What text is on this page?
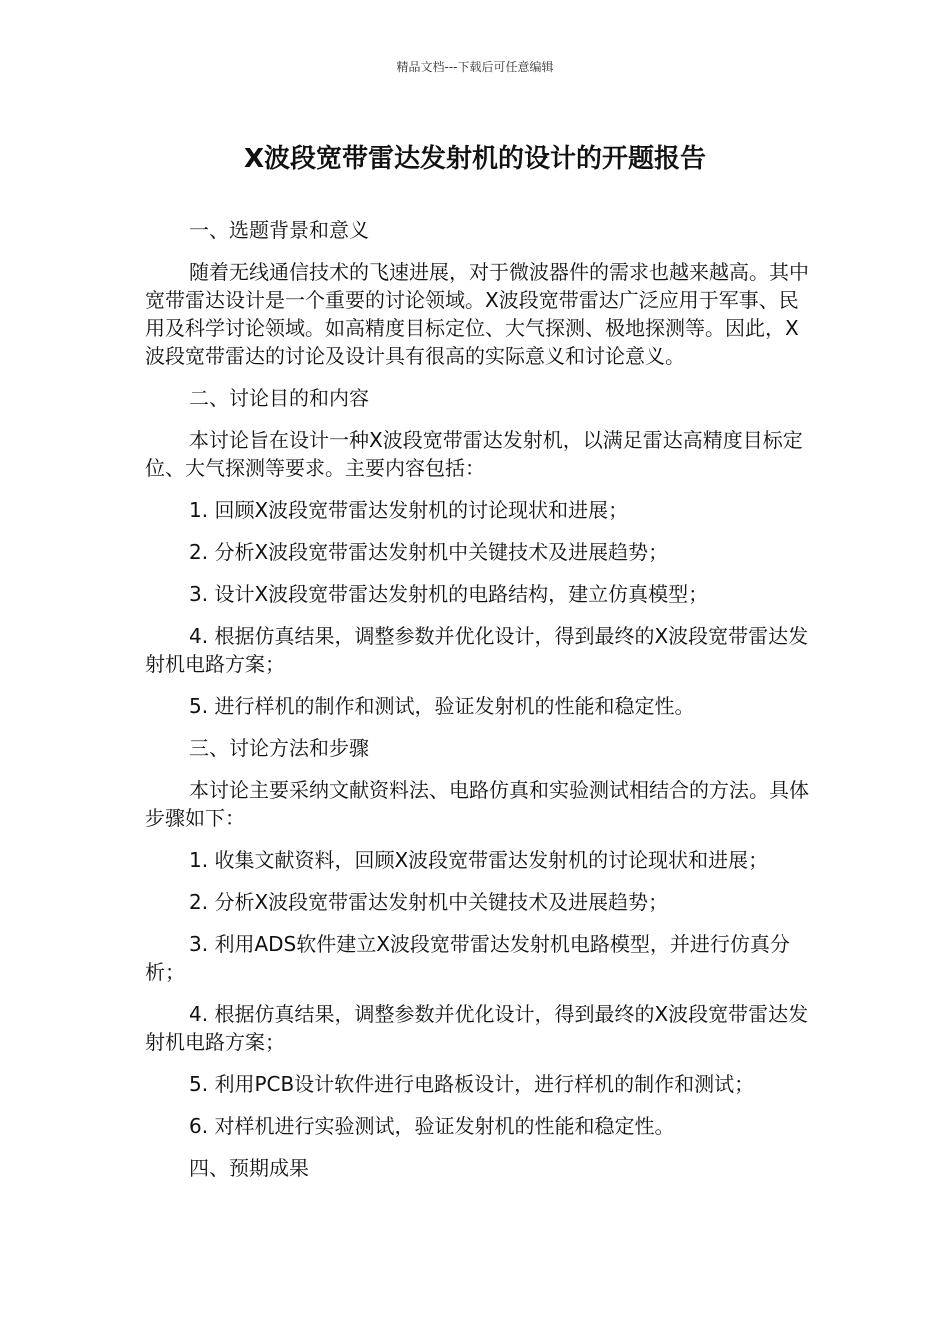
精品文档---下载后可任意编辑
X波段宽带雷达发射机的设计的开题报告

一、选题背景和意义

随着无线通信技术的飞速进展，对于微波器件的需求也越来越高。其中宽带雷达设计是一个重要的讨论领域。X波段宽带雷达广泛应用于军事、民用及科学讨论领域。如高精度目标定位、大气探测、极地探测等。因此，X波段宽带雷达的讨论及设计具有很高的实际意义和讨论意义。

二、讨论目的和内容

本讨论旨在设计一种X波段宽带雷达发射机，以满足雷达高精度目标定位、大气探测等要求。主要内容包括：

1. 回顾X波段宽带雷达发射机的讨论现状和进展；

2. 分析X波段宽带雷达发射机中关键技术及进展趋势；

3. 设计X波段宽带雷达发射机的电路结构，建立仿真模型；

4. 根据仿真结果，调整参数并优化设计，得到最终的X波段宽带雷达发射机电路方案；

5. 进行样机的制作和测试，验证发射机的性能和稳定性。

三、讨论方法和步骤

本讨论主要采纳文献资料法、电路仿真和实验测试相结合的方法。具体步骤如下：

1. 收集文献资料，回顾X波段宽带雷达发射机的讨论现状和进展；

2. 分析X波段宽带雷达发射机中关键技术及进展趋势；

3. 利用ADS软件建立X波段宽带雷达发射机电路模型，并进行仿真分析；

4. 根据仿真结果，调整参数并优化设计，得到最终的X波段宽带雷达发射机电路方案；

5. 利用PCB设计软件进行电路板设计，进行样机的制作和测试；

6. 对样机进行实验测试，验证发射机的性能和稳定性。

四、预期成果
